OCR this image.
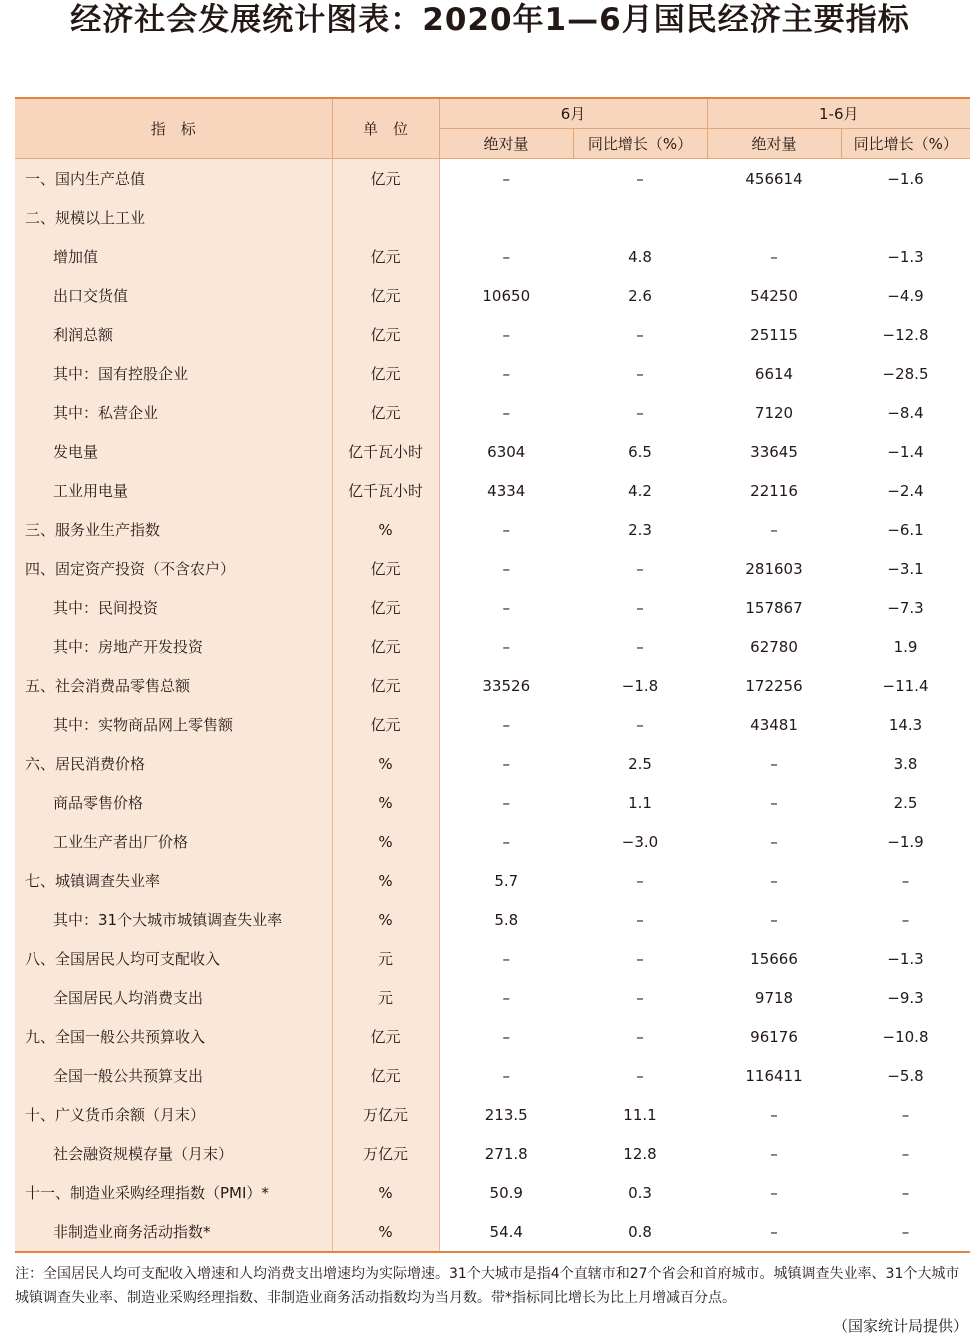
经济社会发展统计图表：2020年1—6月国民经济主要指标
指　标	单　位	6月		1-6月	
		绝对量	同比增长（%）	绝对量	同比增长（%）
一、国内生产总值	亿元	–	–	456614	−1.6
二、规模以上工业					
增加值	亿元	–	4.8	–	−1.3
出口交货值	亿元	10650	2.6	54250	−4.9
利润总额	亿元	–	–	25115	−12.8
其中：国有控股企业	亿元	–	–	6614	−28.5
其中：私营企业	亿元	–	–	7120	−8.4
发电量	亿千瓦小时	6304	6.5	33645	−1.4
工业用电量	亿千瓦小时	4334	4.2	22116	−2.4
三、服务业生产指数	%	–	2.3	–	−6.1
四、固定资产投资（不含农户）	亿元	–	–	281603	−3.1
其中：民间投资	亿元	–	–	157867	−7.3
其中：房地产开发投资	亿元	–	–	62780	1.9
五、社会消费品零售总额	亿元	33526	−1.8	172256	−11.4
其中：实物商品网上零售额	亿元	–	–	43481	14.3
六、居民消费价格	%	–	2.5	–	3.8
商品零售价格	%	–	1.1	–	2.5
工业生产者出厂价格	%	–	−3.0	–	−1.9
七、城镇调查失业率	%	5.7	–	–	–
其中：31个大城市城镇调查失业率	%	5.8	–	–	–
八、全国居民人均可支配收入	元	–	–	15666	−1.3
全国居民人均消费支出	元	–	–	9718	−9.3
九、全国一般公共预算收入	亿元	–	–	96176	−10.8
全国一般公共预算支出	亿元	–	–	116411	−5.8
十、广义货币余额（月末）	万亿元	213.5	11.1	–	–
社会融资规模存量（月末）	万亿元	271.8	12.8	–	–
十一、制造业采购经理指数（PMI）*	%	50.9	0.3	–	–
非制造业商务活动指数*	%	54.4	0.8	–	–
注：全国居民人均可支配收入增速和人均消费支出增速均为实际增速。31个大城市是指4个直辖市和27个省会和首府城市。城镇调查失业率、31个大城市城镇调查失业率、制造业采购经理指数、非制造业商务活动指数均为当月数。带*指标同比增长为比上月增减百分点。
（国家统计局提供）
